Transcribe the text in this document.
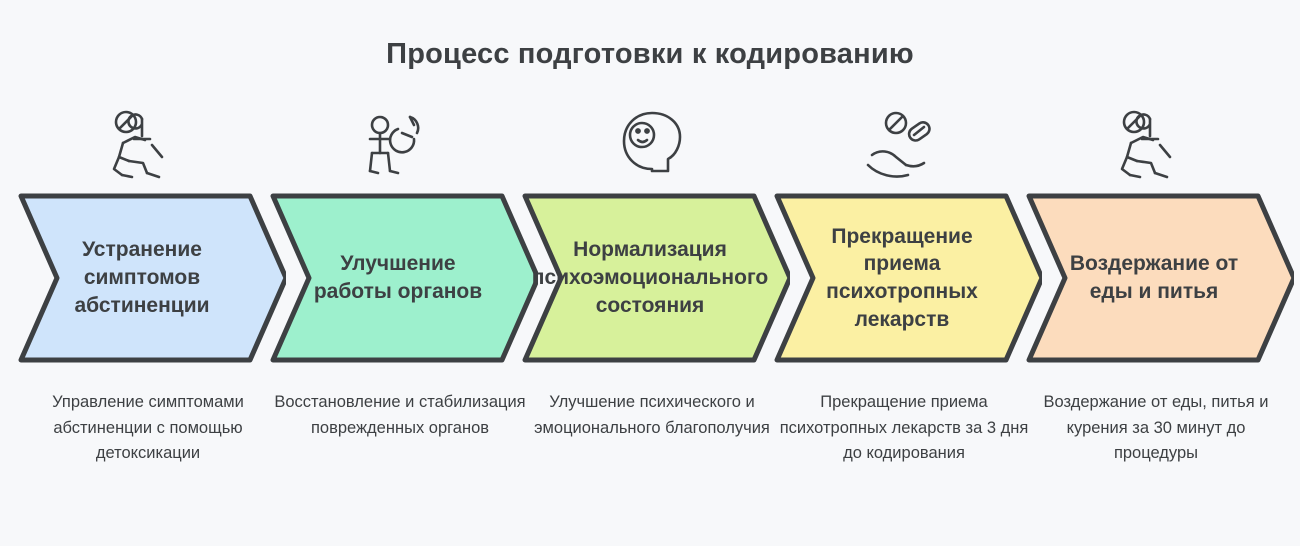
Процесс подготовки к кодированию
Устранение симптомов абстиненции
Управление симптомами абстиненции с помощью детоксикации
Улучшение работы органов
Восстановление и стабилизация поврежденных органов
Нормализация психоэмоционального состояния
Улучшение психического и эмоционального благополучия
Прекращение приема психотропных лекарств
Прекращение приема психотропных лекарств за 3 дня до кодирования
Воздержание от еды и питья
Воздержание от еды, питья и курения за 30 минут до процедуры
